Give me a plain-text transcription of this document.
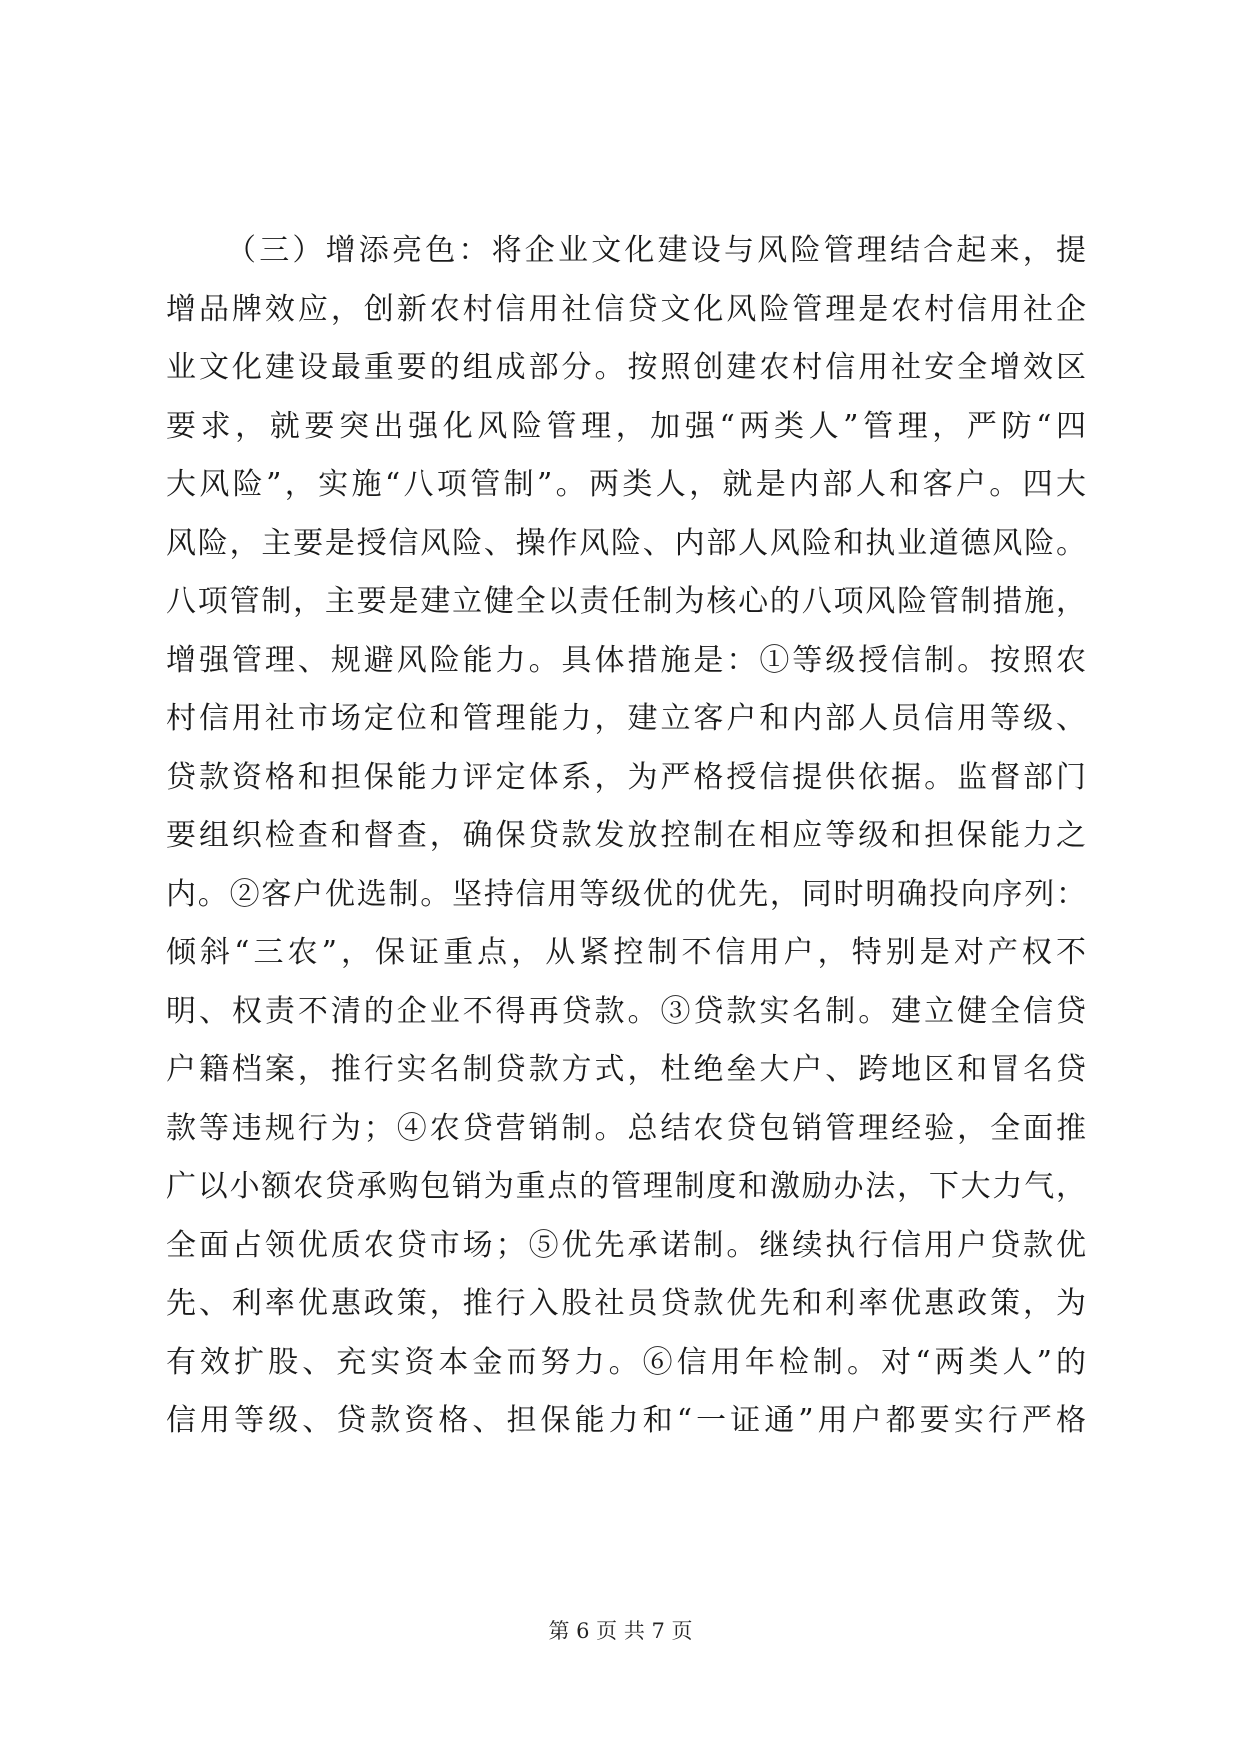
（三）增添亮色：将企业文化建设与风险管理结合起来，提
增品牌效应，创新农村信用社信贷文化风险管理是农村信用社企
业文化建设最重要的组成部分。按照创建农村信用社安全增效区
要求，就要突出强化风险管理，加强“两类人”管理，严防“四
大风险”，实施“八项管制”。两类人，就是内部人和客户。四大
风险，主要是授信风险、操作风险、内部人风险和执业道德风险。
八项管制，主要是建立健全以责任制为核心的八项风险管制措施，
增强管理、规避风险能力。具体措施是：①等级授信制。按照农
村信用社市场定位和管理能力，建立客户和内部人员信用等级、
贷款资格和担保能力评定体系，为严格授信提供依据。监督部门
要组织检查和督查，确保贷款发放控制在相应等级和担保能力之
内。②客户优选制。坚持信用等级优的优先，同时明确投向序列：
倾斜“三农”，保证重点，从紧控制不信用户，特别是对产权不
明、权责不清的企业不得再贷款。③贷款实名制。建立健全信贷
户籍档案，推行实名制贷款方式，杜绝垒大户、跨地区和冒名贷
款等违规行为；④农贷营销制。总结农贷包销管理经验，全面推
广以小额农贷承购包销为重点的管理制度和激励办法，下大力气，
全面占领优质农贷市场；⑤优先承诺制。继续执行信用户贷款优
先、利率优惠政策，推行入股社员贷款优先和利率优惠政策，为
有效扩股、充实资本金而努力。⑥信用年检制。对“两类人”的
信用等级、贷款资格、担保能力和“一证通”用户都要实行严格
第 6 页 共 7 页
